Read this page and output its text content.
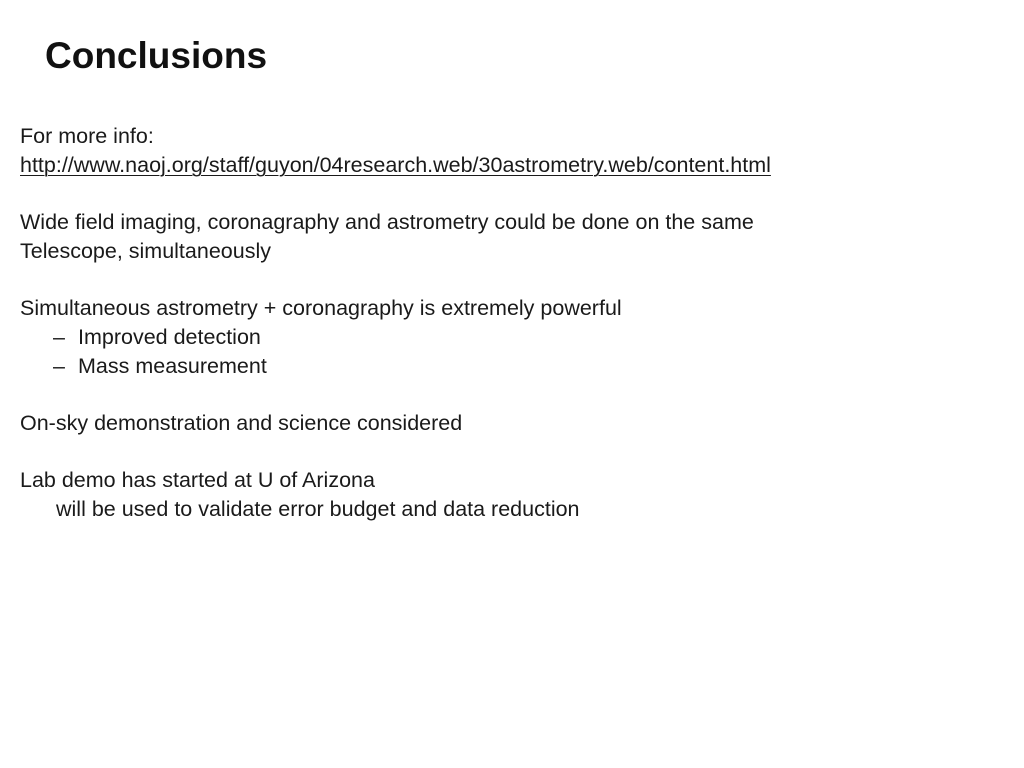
Conclusions
For more info:
http://www.naoj.org/staff/guyon/04research.web/30astrometry.web/content.html
Wide field imaging, coronagraphy and astrometry could be done on the same
Telescope, simultaneously
Simultaneous astrometry + coronagraphy is extremely powerful
– Improved detection
– Mass measurement
On-sky demonstration and science considered
Lab demo has started at U of Arizona
will be used to validate error budget and data reduction
